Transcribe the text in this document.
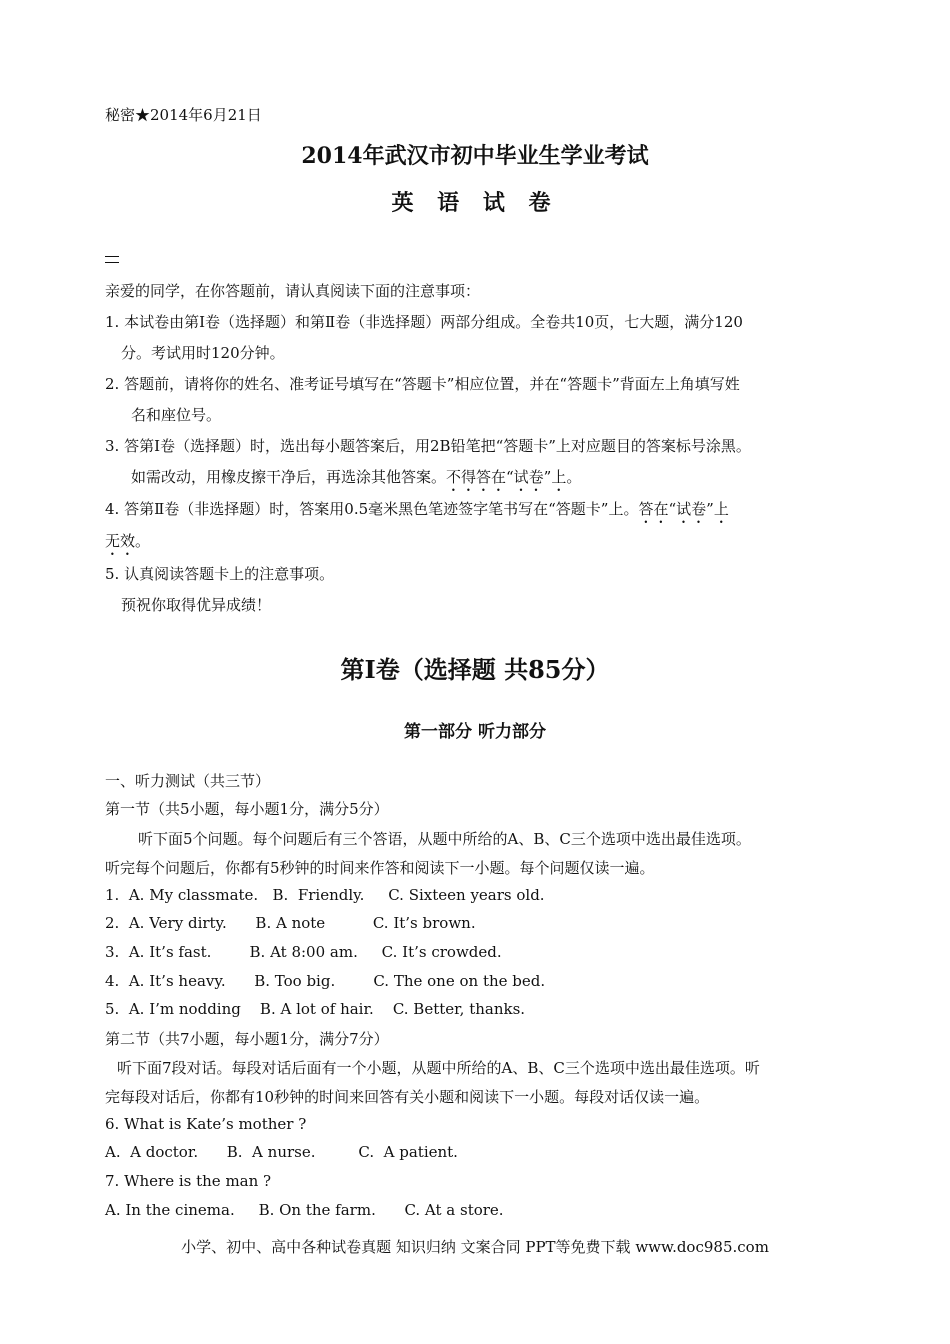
秘密★2014年6月21日
2014年武汉市初中毕业生学业考试
英 语 试 卷
亲爱的同学，在你答题前，请认真阅读下面的注意事项：
1. 本试卷由第Ⅰ卷（选择题）和第Ⅱ卷（非选择题）两部分组成。全卷共10页，七大题，满分120
分。考试用时120分钟。
2. 答题前，请将你的姓名、准考证号填写在“答题卡”相应位置，并在“答题卡”背面左上角填写姓
名和座位号。
3. 答第Ⅰ卷（选择题）时，选出每小题答案后，用2B铅笔把“答题卡”上对应题目的答案标号涂黑。
如需改动，用橡皮擦干净后，再选涂其他答案。不得答在“试卷”上。
4. 答第Ⅱ卷（非选择题）时，答案用0.5毫米黑色笔迹签字笔书写在“答题卡”上。答在“试卷”上
无效。
5. 认真阅读答题卡上的注意事项。
预祝你取得优异成绩！
第I卷（选择题 共85分）
第一部分 听力部分
一、听力测试（共三节）
第一节（共5小题，每小题1分，满分5分）
听下面5个问题。每个问题后有三个答语，从题中所给的A、B、C三个选项中选出最佳选项。
听完每个问题后，你都有5秒钟的时间来作答和阅读下一小题。每个问题仅读一遍。
1.  A. My classmate.   B.  Friendly.     C. Sixteen years old.
2.  A. Very dirty.      B. A note          C. It’s brown.
3.  A. It’s fast.        B. At 8:00 am.     C. It’s crowded.
4.  A. It’s heavy.      B. Too big.        C. The one on the bed.
5.  A. I’m nodding    B. A lot of hair.    C. Better, thanks.
第二节（共7小题，每小题1分，满分7分）
听下面7段对话。每段对话后面有一个小题，从题中所给的A、B、C三个选项中选出最佳选项。听
完每段对话后，你都有10秒钟的时间来回答有关小题和阅读下一小题。每段对话仅读一遍。
6. What is Kate’s mother ?
A.  A doctor.      B.  A nurse.         C.  A patient.
7. Where is the man ?
A. In the cinema.     B. On the farm.      C. At a store.
小学、初中、高中各种试卷真题 知识归纳 文案合同 PPT等免费下载 www.doc985.com
